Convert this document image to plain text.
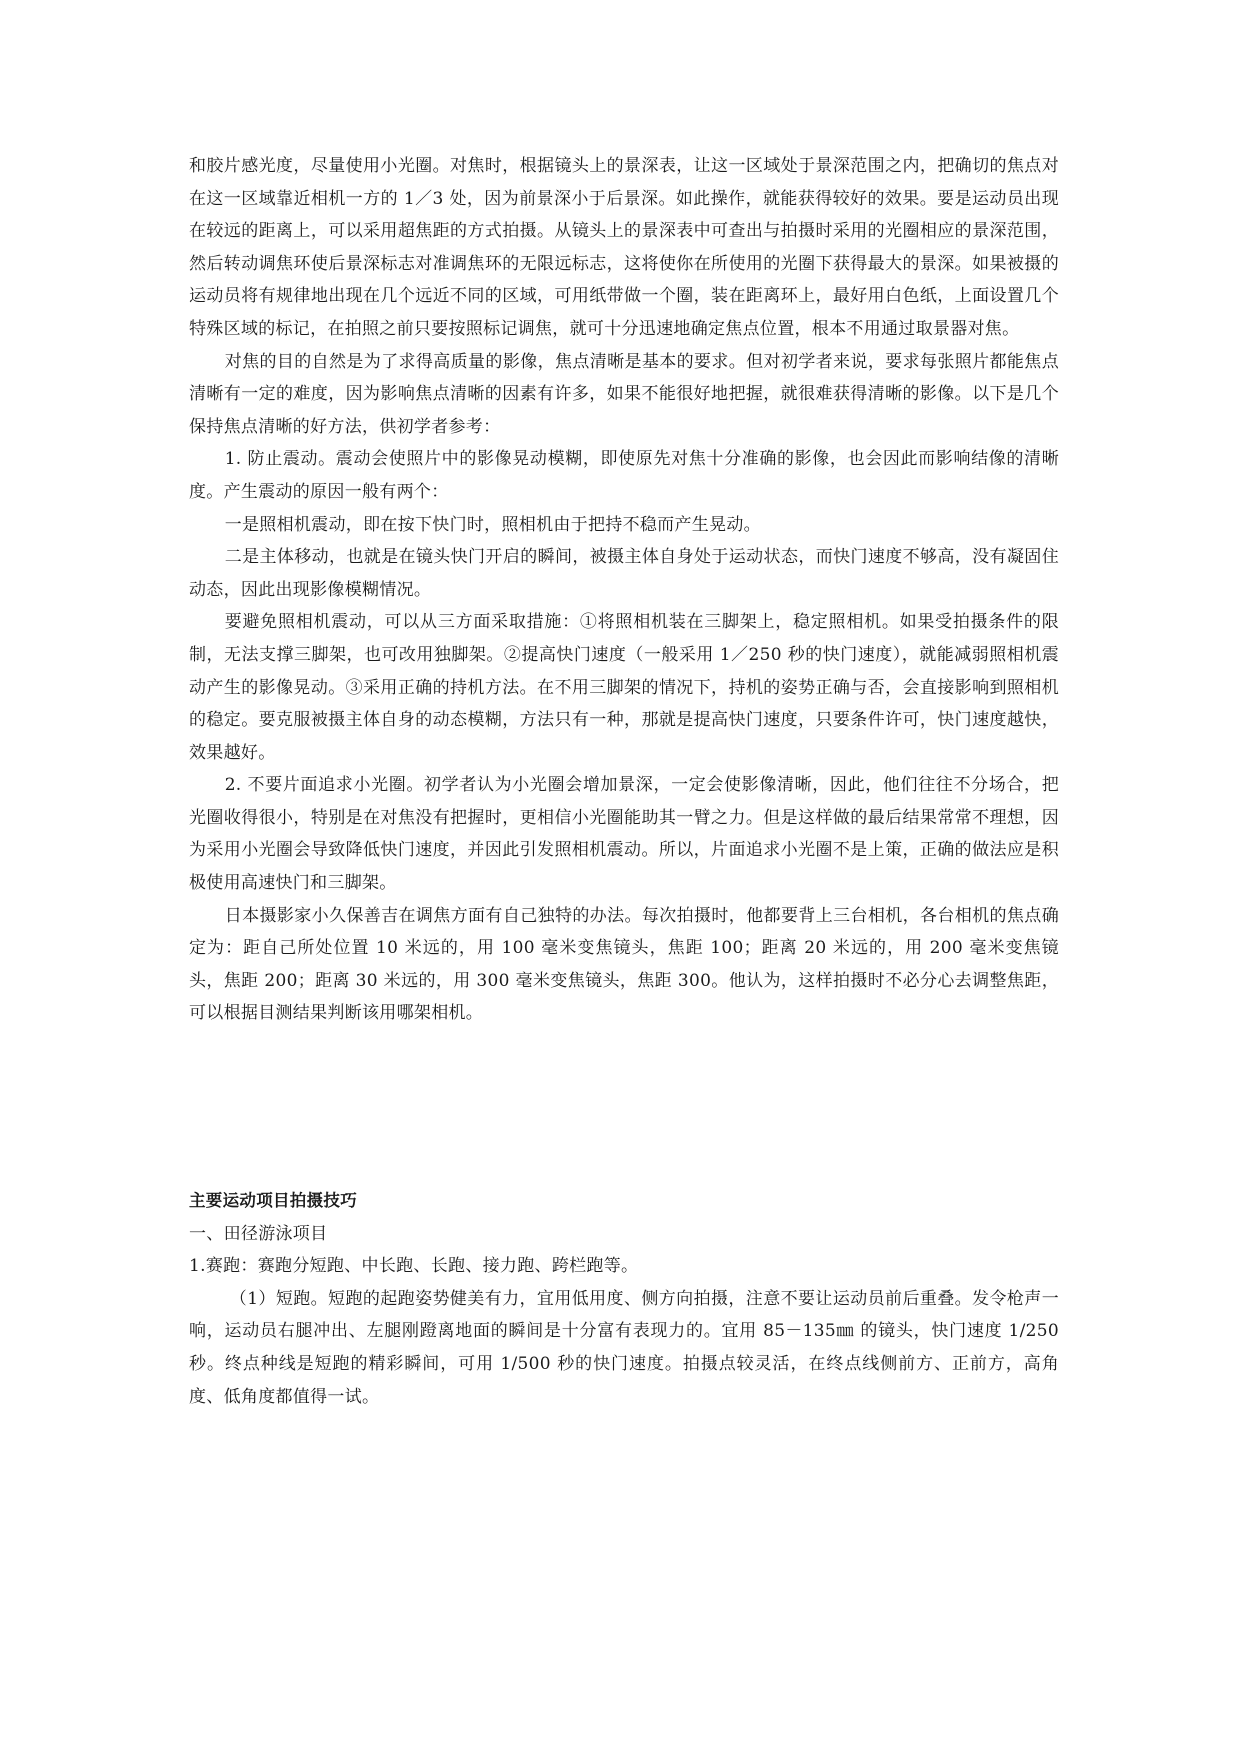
和胶片感光度，尽量使用小光圈。对焦时，根据镜头上的景深表，让这一区域处于景深范围之内，把确切的焦点对在这一区域靠近相机一方的 1／3 处，因为前景深小于后景深。如此操作，就能获得较好的效果。要是运动员出现在较远的距离上，可以采用超焦距的方式拍摄。从镜头上的景深表中可查出与拍摄时采用的光圈相应的景深范围，然后转动调焦环使后景深标志对准调焦环的无限远标志，这将使你在所使用的光圈下获得最大的景深。如果被摄的运动员将有规律地出现在几个远近不同的区域，可用纸带做一个圈，装在距离环上，最好用白色纸，上面设置几个特殊区域的标记，在拍照之前只要按照标记调焦，就可十分迅速地确定焦点位置，根本不用通过取景器对焦。

对焦的目的自然是为了求得高质量的影像，焦点清晰是基本的要求。但对初学者来说，要求每张照片都能焦点清晰有一定的难度，因为影响焦点清晰的因素有许多，如果不能很好地把握，就很难获得清晰的影像。以下是几个保持焦点清晰的好方法，供初学者参考：

1. 防止震动。震动会使照片中的影像晃动模糊，即使原先对焦十分准确的影像，也会因此而影响结像的清晰度。产生震动的原因一般有两个：

一是照相机震动，即在按下快门时，照相机由于把持不稳而产生晃动。

二是主体移动，也就是在镜头快门开启的瞬间，被摄主体自身处于运动状态，而快门速度不够高，没有凝固住动态，因此出现影像模糊情况。

要避免照相机震动，可以从三方面采取措施：①将照相机装在三脚架上，稳定照相机。如果受拍摄条件的限制，无法支撑三脚架，也可改用独脚架。②提高快门速度（一般采用 1／250 秒的快门速度），就能减弱照相机震动产生的影像晃动。③采用正确的持机方法。在不用三脚架的情况下，持机的姿势正确与否，会直接影响到照相机的稳定。要克服被摄主体自身的动态模糊，方法只有一种，那就是提高快门速度，只要条件许可，快门速度越快，效果越好。

2. 不要片面追求小光圈。初学者认为小光圈会增加景深，一定会使影像清晰，因此，他们往往不分场合，把光圈收得很小，特别是在对焦没有把握时，更相信小光圈能助其一臂之力。但是这样做的最后结果常常不理想，因为采用小光圈会导致降低快门速度，并因此引发照相机震动。所以，片面追求小光圈不是上策，正确的做法应是积极使用高速快门和三脚架。

日本摄影家小久保善吉在调焦方面有自己独特的办法。每次拍摄时，他都要背上三台相机，各台相机的焦点确定为：距自己所处位置 10 米远的，用 100 毫米变焦镜头，焦距 100；距离 20 米远的，用 200 毫米变焦镜头，焦距 200；距离 30 米远的，用 300 毫米变焦镜头，焦距 300。他认为，这样拍摄时不必分心去调整焦距，可以根据目测结果判断该用哪架相机。

主要运动项目拍摄技巧

一、田径游泳项目

1.赛跑：赛跑分短跑、中长跑、长跑、接力跑、跨栏跑等。

（1）短跑。短跑的起跑姿势健美有力，宜用低用度、侧方向拍摄，注意不要让运动员前后重叠。发令枪声一响，运动员右腿冲出、左腿刚蹬离地面的瞬间是十分富有表现力的。宜用 85－135㎜ 的镜头，快门速度 1/250 秒。终点种线是短跑的精彩瞬间，可用 1/500 秒的快门速度。拍摄点较灵活，在终点线侧前方、正前方，高角度、低角度都值得一试。
